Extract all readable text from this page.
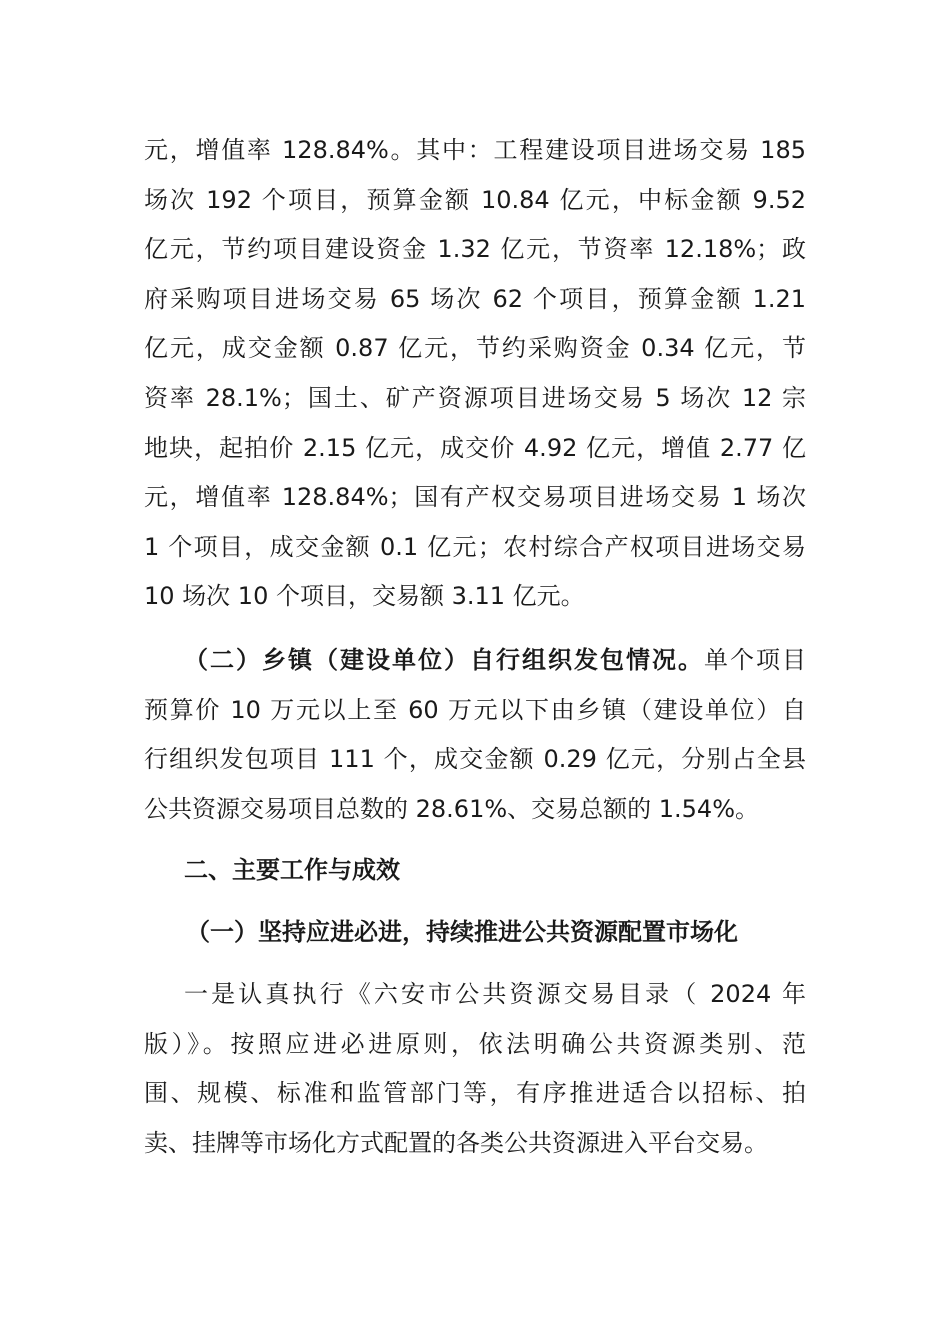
元，增值率 128.84%。其中：工程建设项目进场交易 185
场次 192 个项目，预算金额 10.84 亿元，中标金额 9.52
亿元，节约项目建设资金 1.32 亿元，节资率 12.18%；政
府采购项目进场交易 65 场次 62 个项目，预算金额 1.21
亿元，成交金额 0.87 亿元，节约采购资金 0.34 亿元，节
资率 28.1%；国土、矿产资源项目进场交易 5 场次 12 宗
地块，起拍价 2.15 亿元，成交价 4.92 亿元，增值 2.77 亿
元，增值率 128.84%；国有产权交易项目进场交易 1 场次
1 个项目，成交金额 0.1 亿元；农村综合产权项目进场交易
10 场次 10 个项目，交易额 3.11 亿元。
（二）乡镇（建设单位）自行组织发包情况。单个项目
预算价 10 万元以上至 60 万元以下由乡镇（建设单位）自
行组织发包项目 111 个，成交金额 0.29 亿元，分别占全县
公共资源交易项目总数的 28.61%、交易总额的 1.54%。
二、主要工作与成效
（一）坚持应进必进，持续推进公共资源配置市场化
一是认真执行《六安市公共资源交易目录（ 2024 年
版）》。按照应进必进原则，依法明确公共资源类别、范
围、规模、标准和监管部门等，有序推进适合以招标、拍
卖、挂牌等市场化方式配置的各类公共资源进入平台交易。
